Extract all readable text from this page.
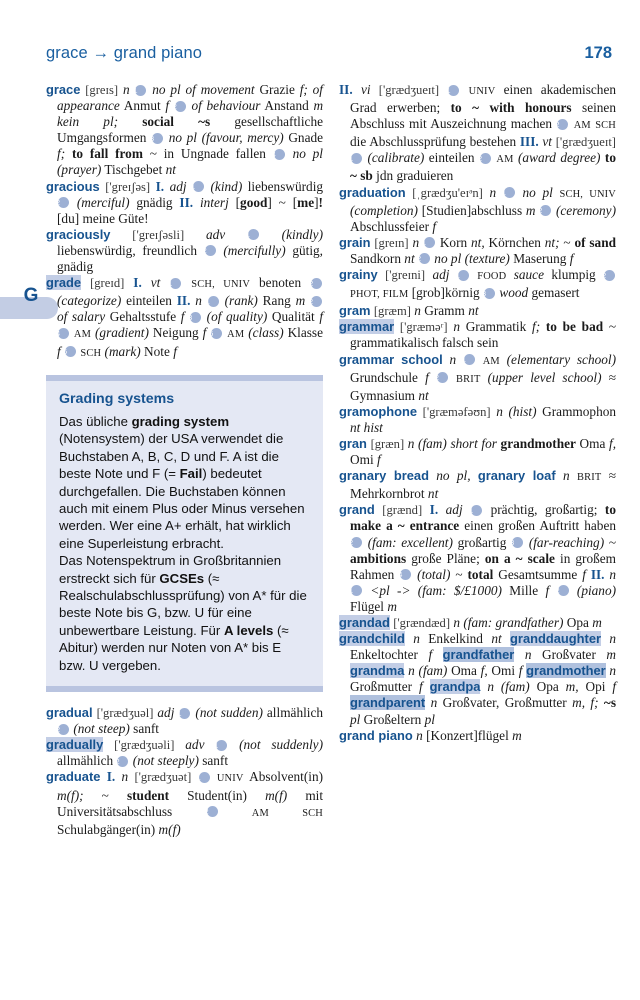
grace → grand piano	178
G

grace [greɪs] n 1 no pl of movement Grazie f; of appearance Anmut f 2 of behaviour Anstand m kein pl; social ~s gesellschaftliche Umgangsformen 3 no pl (favour, mercy) Gnade f; to fall from ~ in Ungnade fallen 4 no pl (prayer) Tischgebet nt

gracious ['greɪʃəs] I. adj 1 (kind) liebenswürdig 2 (merciful) gnädig II. interj [good] ~ [me]! [du] meine Güte!

graciously ['greɪʃəsli] adv	1 (kindly) liebenswürdig, freundlich 2 (mercifully) gütig, gnädig

grade [greɪd] I. vt 1 SCH, UNIV benoten 2 (categorize) einteilen II. n 1 (rank) Rang m 2 of salary Gehaltsstufe f 3 (of quality) Qualität f 4 AM (gradient) Neigung f 5 AM (class) Klasse f 6 SCH (mark) Note f

Grading systems

Das übliche grading system (Notensystem) der USA verwendet die Buchstaben A, B, C, D und F. A ist die beste Note und F (= Fail) bedeutet durchgefallen. Die Buchstaben können auch mit einem Plus oder Minus versehen werden. Wer eine A+ erhält, hat wirklich eine Superleistung erbracht.

Das Notenspektrum in Großbritannien erstreckt sich für GCSEs (≈ Realschulabschlussprüfung) von A* für die beste Note bis G, bzw. U für eine unbewertbare Leistung. Für A levels (≈ Abitur) werden nur Noten von A* bis E bzw. U vergeben.

gradual ['grædʒuəl] adj 1 (not sudden) allmählich 2 (not steep) sanft

gradually ['grædʒuəli] adv 1 (not suddenly) allmählich 2 (not steeply) sanft

graduate I. n ['grædʒuət] 1 UNIV Absolvent(in) m(f); ~ student Student(in) m(f) mit Universitätsabschluss	2	AM	SCH Schulabgänger(in) m(f)

II. vi ['grædʒueɪt] 1 UNIV einen akademischen Grad erwerben; to ~ with honours seinen Abschluss mit Auszeichnung machen 2 AM SCH die Abschlussprüfung bestehen III. vt ['grædʒueɪt] 1 (calibrate) einteilen 2 AM (award degree) to ~ sb jdn graduieren

graduation [ˌgrædʒu'eɪᵊn] n 1 no pl SCH, UNIV (completion) [Studien]abschluss m 2 (ceremony) Abschlussfeier f

grain [greɪn] n 1 Korn nt, Körnchen nt; ~ of sand Sandkorn nt 2 no pl (texture) Maserung f

grainy ['greɪni] adj 1 FOOD sauce klumpig 2 PHOT, FILM [grob]körnig 3 wood gemasert

gram [græm] n Gramm nt

grammar ['græməʳ] n Grammatik f; to be bad ~ grammatikalisch falsch sein

grammar school n 1 AM (elementary school) Grundschule f 2 BRIT (upper level school) ≈ Gymnasium nt

gramophone ['græməfəʊn] n (hist) Grammophon nt hist

gran [græn] n (fam) short for grandmother Oma f, Omi f

granary bread no pl, granary loaf n BRIT ≈ Mehrkornbrot nt

grand [grænd] I. adj 1 prächtig, großartig; to make a ~ entrance einen großen Auftritt haben 2 (fam: excellent) großartig 3 (far-reaching) ~ ambitions große Pläne; on a ~ scale in großem Rahmen 4 (total) ~ total Gesamtsumme f II. n 1 <pl -> (fam: $/£1000) Mille f 2 (piano) Flügel m

grandad ['grændæd] n (fam: grandfather) Opa m

grandchild n Enkelkind nt granddaughter n Enkeltochter f grandfather n Großvater m grandma n (fam) Oma f, Omi f grandmother n Großmutter f grandpa n (fam) Opa m, Opi f grandparent n Großvater, Großmutter m, f; ~s pl Großeltern pl

grand piano n [Konzert]flügel m
